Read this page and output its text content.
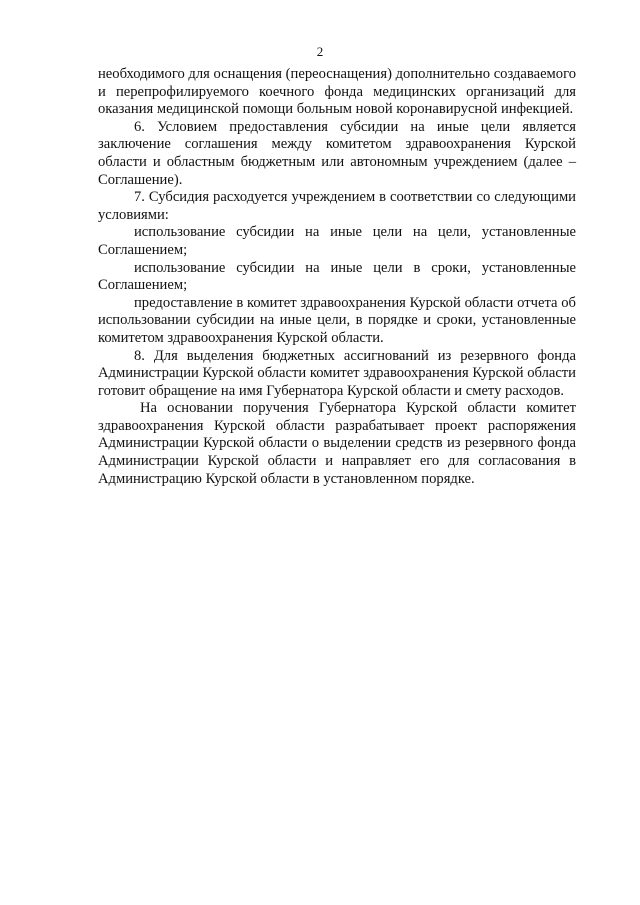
2

необходимого для оснащения (переоснащения) дополнительно создаваемого и перепрофилируемого коечного фонда медицинских организаций для оказания медицинской помощи больным новой коронавирусной инфекцией.

6. Условием предоставления субсидии на иные цели является заключение соглашения между комитетом здравоохранения Курской области и областным бюджетным или автономным учреждением (далее – Соглашение).

7. Субсидия расходуется учреждением в соответствии со следующими условиями:

использование субсидии на иные цели на цели, установленные Соглашением;

использование субсидии на иные цели в сроки, установленные Соглашением;

предоставление в комитет здравоохранения Курской области отчета об использовании субсидии на иные цели, в порядке и сроки, установленные комитетом здравоохранения Курской области.

8. Для выделения бюджетных ассигнований из резервного фонда Администрации Курской области комитет здравоохранения Курской области готовит обращение на имя Губернатора Курской области и смету расходов.

На основании поручения Губернатора Курской области комитет здравоохранения Курской области разрабатывает проект распоряжения Администрации Курской области о выделении средств из резервного фонда Администрации Курской области и направляет его для согласования в Администрацию Курской области в установленном порядке.
